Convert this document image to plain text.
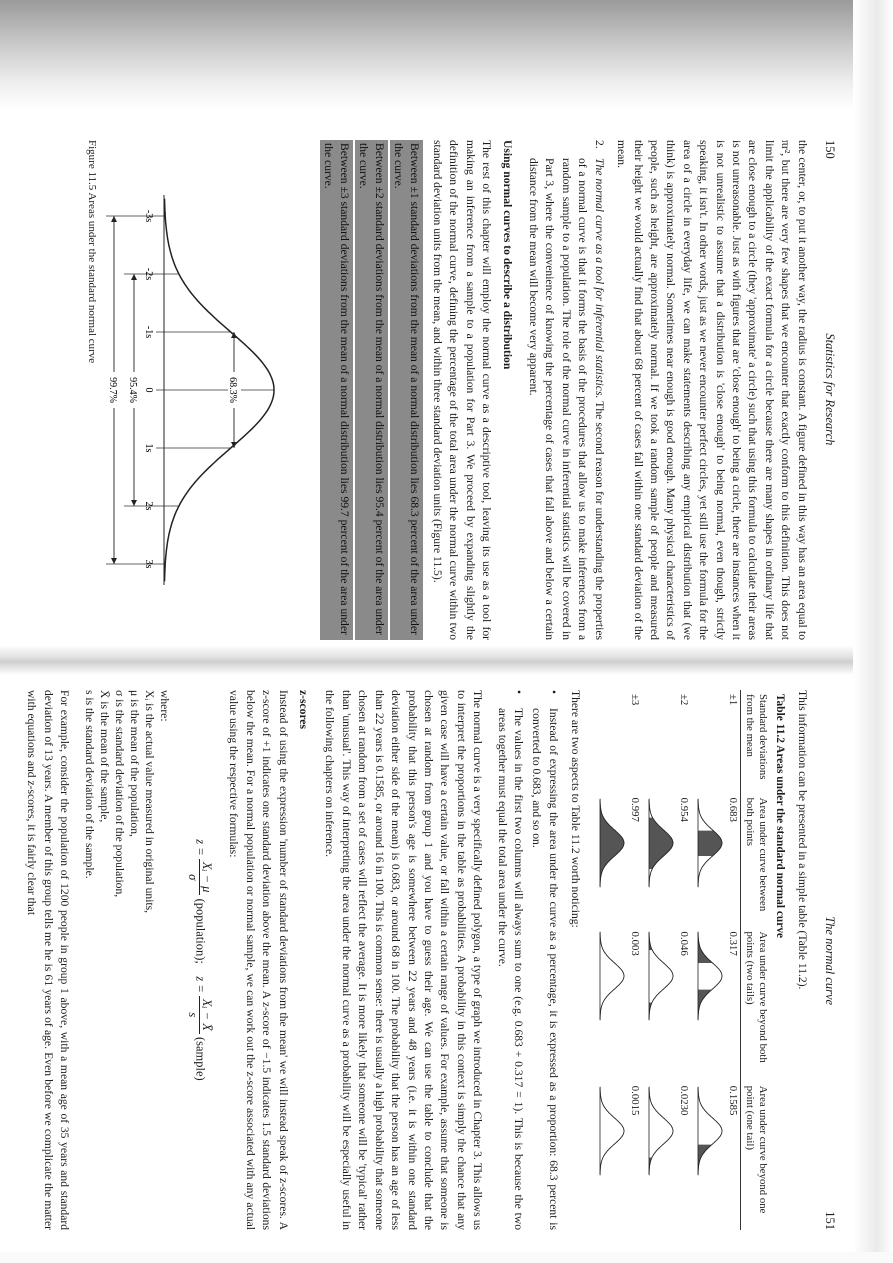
150
Statistics for Research

the center, or, to put it another way, the radius is constant. A figure defined in this way has an area equal to πr², but there are very few shapes that we encounter that exactly conform to this definition. This does not limit the applicability of the exact formula for a circle because there are many shapes in ordinary life that are close enough to a circle (they 'approximate' a circle) such that using this formula to calculate their areas is not unreasonable. Just as with figures that are 'close enough' to being a circle, there are instances when it is not unrealistic to assume that a distribution is 'close enough' to being normal, even though, strictly speaking, it isn't. In other words, just as we never encounter perfect circles, yet still use the formula for the area of a circle in everyday life, we can make statements describing any empirical distribution that (we think) is approximately normal. Sometimes near enough is good enough. Many physical characteristics of people, such as height, are approximately normal. If we took a random sample of people and measured their height we would actually find that about 68 percent of cases fall within one standard deviation of the mean.

2.
The normal curve as a tool for inferential statistics. The second reason for understanding the properties of a normal curve is that it forms the basis of the procedures that allow us to make inferences from a random sample to a population. The role of the normal curve in inferential statistics will be covered in Part 3, where the convenience of knowing the percentage of cases that fall above and below a certain distance from the mean will become very apparent.
Using normal curves to describe a distribution

The rest of this chapter will employ the normal curve as a descriptive tool, leaving its use as a tool for making an inference from a sample to a population for Part 3. We proceed by expanding slightly the definition of the normal curve, defining the percentage of the total area under the normal curve within two standard deviation units from the mean, and within three standard deviation units (Figure 11.5).

Between ±1 standard deviations from the mean of a normal distribution lies 68.3 percent of the area under the curve.
Between ±2 standard deviations from the mean of a normal distribution lies 95.4 percent of the area under the curve.
Between ±3 standard deviations from the mean of a normal distribution lies 99.7 percent of the area under the curve.
-3s
-2s
-1s
0
1s
2s
3s
68.3%
95.4%
99.7%
Figure 11.5 Areas under the standard normal curve
The normal curve
151

This information can be presented in a simple table (Table 11.2).

Table 11.2 Areas under the standard normal curve			
Standard deviations from the mean	Area under curve between both points	Area under curve beyond both points (two tails)	Area under curve beyond one point (one tail)
±1	0.683	0.317	0.1585

±2	0.954	0.046	0.0230

±3	0.997	0.003	0.0015

There are two aspects to Table 11.2 worth noticing:

•
Instead of expressing the area under the curve as a percentage, it is expressed as a proportion: 68.3 percent is converted to 0.683, and so on.
•
The values in the first two columns will always sum to one (e.g. 0.683 + 0.317 = 1). This is because the two areas together must equal the total area under the curve.

The normal curve is a very specifically defined polygon, a type of graph we introduced in Chapter 3. This allows us to interpret the proportions in the table as probabilities. A probability in this context is simply the chance that any given case will have a certain value, or fall within a certain range of values. For example, assume that someone is chosen at random from group 1 and you have to guess their age. We can use the table to conclude that the probability that this person's age is somewhere between 22 years and 48 years (i.e. it is within one standard deviation either side of the mean) is 0.683, or around 68 in 100. The probability that the person has an age of less than 22 years is 0.1585, or around 16 in 100. This is common sense: there is usually a high probability that someone chosen at random from a set of cases will reflect the average. It is more likely that someone will be 'typical' rather than 'unusual'. This way of interpreting the area under the normal curve as a probability will be especially useful in the following chapters on inference.

z-scores

Instead of using the expression 'number of standard deviations from the mean' we will instead speak of z-scores. A z-score of +1 indicates one standard deviation above the mean. A z-score of −1.5 indicates 1.5 standard deviations below the mean. For a normal population or normal sample, we can work out the z-score associated with any actual value using the respective formulas:

z =
Xᵢ − μ
σ
(population);    z =
Xᵢ − X̄
s
(sample)
where:
Xᵢ is the actual value measured in original units,
μ is the mean of the population,
σ is the standard deviation of the population,
X̄ is the mean of the sample,
s is the standard deviation of the sample.

For example, consider the population of 1200 people in group 1 above, with a mean age of 35 years and standard deviation of 13 years. A member of this group tells me he is 61 years of age. Even before we complicate the matter with equations and z-scores, it is fairly clear that
